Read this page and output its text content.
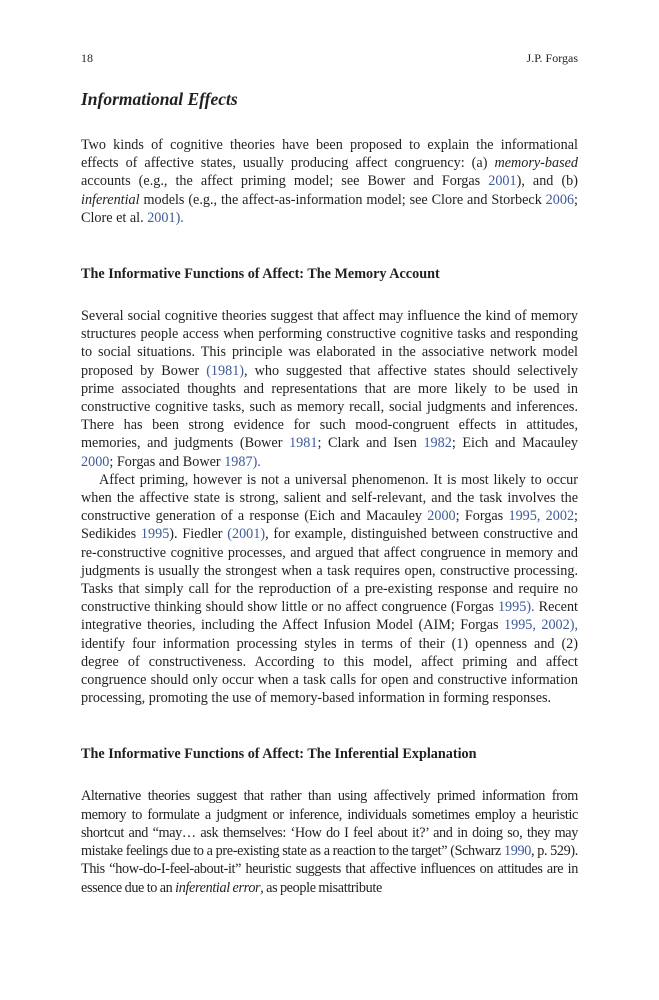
18	J.P. Forgas
Informational Effects

Two kinds of cognitive theories have been proposed to explain the informational effects of affective states, usually producing affect congruency: (a) memory-based accounts (e.g., the affect priming model; see Bower and Forgas 2001), and (b) inferential models (e.g., the affect-as-information model; see Clore and Storbeck 2006; Clore et al. 2001).

The Informative Functions of Affect: The Memory Account

Several social cognitive theories suggest that affect may influence the kind of memory structures people access when performing constructive cognitive tasks and responding to social situations. This principle was elaborated in the associative network model proposed by Bower (1981), who suggested that affective states should selectively prime associated thoughts and representations that are more likely to be used in constructive cognitive tasks, such as memory recall, social judgments and inferences. There has been strong evidence for such mood-congruent effects in attitudes, memories, and judgments (Bower 1981; Clark and Isen 1982; Eich and Macauley 2000; Forgas and Bower 1987).

Affect priming, however is not a universal phenomenon. It is most likely to occur when the affective state is strong, salient and self-relevant, and the task involves the constructive generation of a response (Eich and Macauley 2000; Forgas 1995, 2002; Sedikides 1995). Fiedler (2001), for example, distinguished between constructive and re-constructive cognitive processes, and argued that affect congruence in memory and judgments is usually the strongest when a task requires open, constructive processing. Tasks that simply call for the reproduction of a pre-existing response and require no constructive thinking should show little or no affect congruence (Forgas 1995). Recent integrative theories, including the Affect Infusion Model (AIM; Forgas 1995, 2002), identify four information processing styles in terms of their (1) openness and (2) degree of constructiveness. According to this model, affect priming and affect congruence should only occur when a task calls for open and constructive information processing, promoting the use of memory-based information in forming responses.

The Informative Functions of Affect: The Inferential Explanation

Alternative theories suggest that rather than using affectively primed information from memory to formulate a judgment or inference, individuals sometimes employ a heuristic shortcut and “may… ask themselves: ‘How do I feel about it?’ and in doing so, they may mistake feelings due to a pre-existing state as a reaction to the target” (Schwarz 1990, p. 529). This “how-do-I-feel-about-it” heuristic suggests that affective influences on attitudes are in essence due to an inferential error, as people misattribute
